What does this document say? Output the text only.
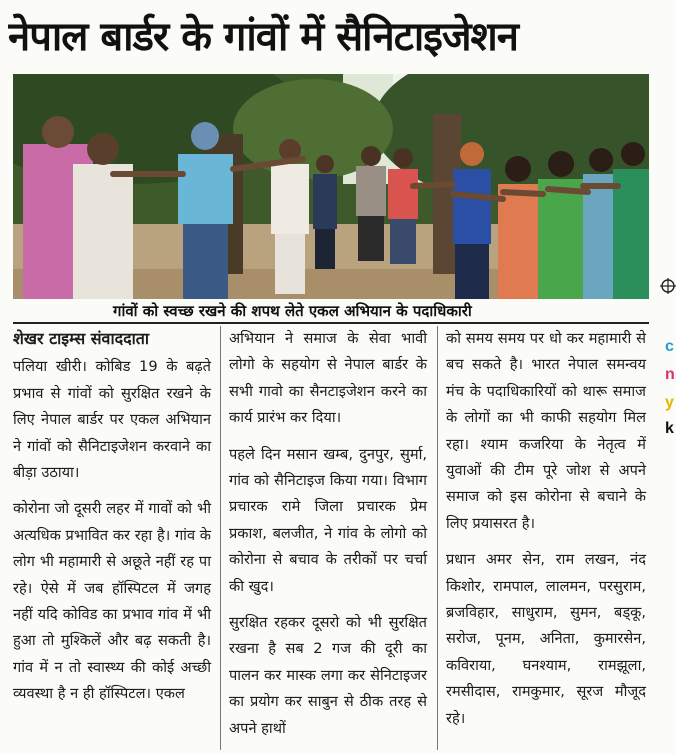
नेपाल बार्डर के गांवों में सैनिटाइजेशन
गांवों को स्वच्छ रखने की शपथ लेते एकल अभियान के पदाधिकारी

शेखर टाइम्स संवाददाता

पलिया खीरी। कोबिड 19 के बढ़ते प्रभाव से गांवों को सुरक्षित रखने के लिए नेपाल बार्डर पर एकल अभियान ने गांवों को सैनिटाइजेशन करवाने का बीड़ा उठाया।

कोरोना जो दूसरी लहर में गावों को भी अत्यधिक प्रभावित कर रहा है। गांव के लोग भी महामारी से अछूते नहीं रह पा रहे। ऐसे में जब हॉस्पिटल में जगह नहीं यदि कोविड का प्रभाव गांव में भी हुआ तो मुश्किलें और बढ़ सकती है। गांव में न तो स्वास्थ्य की कोई अच्छी व्यवस्था है न ही हॉस्पिटल। एकल

अभियान ने समाज के सेवा भावी लोगो के सहयोग से नेपाल बार्डर के सभी गावो का सैनटाइजेशन करने का कार्य प्रारंभ कर दिया।

पहले दिन मसान खम्ब, दुनपुर, सुर्मा, गांव को सैनिटाइज किया गया। विभाग प्रचारक रामे जिला प्रचारक प्रेम प्रकाश, बलजीत, ने गांव के लोगो को कोरोना से बचाव के तरीकों पर चर्चा की खुद।

सुरक्षित रहकर दूसरो को भी सुरक्षित रखना है सब 2 गज की दूरी का पालन कर मास्क लगा कर सेनिटाइजर का प्रयोग कर साबुन से ठीक तरह से अपने हाथों

को समय समय पर धो कर महामारी से बच सकते है। भारत नेपाल समन्वय मंच के पदाधिकारियों को थारू समाज के लोगों का भी काफी सहयोग मिल रहा। श्याम कजरिया के नेतृत्व में युवाओं की टीम पूरे जोश से अपने समाज को इस कोरोना से बचाने के लिए प्रयासरत है।

प्रधान अमर सेन, राम लखन, नंद किशोर, रामपाल, लालमन, परसुराम, ब्रजविहार, साधुराम, सुमन, बड्कू, सरोज, पूनम, अनिता, कुमारसेन, कविराया, घनश्याम, रामझूला, रमसीदास, रामकुमार, सूरज मौजूद रहे।

c
n
y
k
